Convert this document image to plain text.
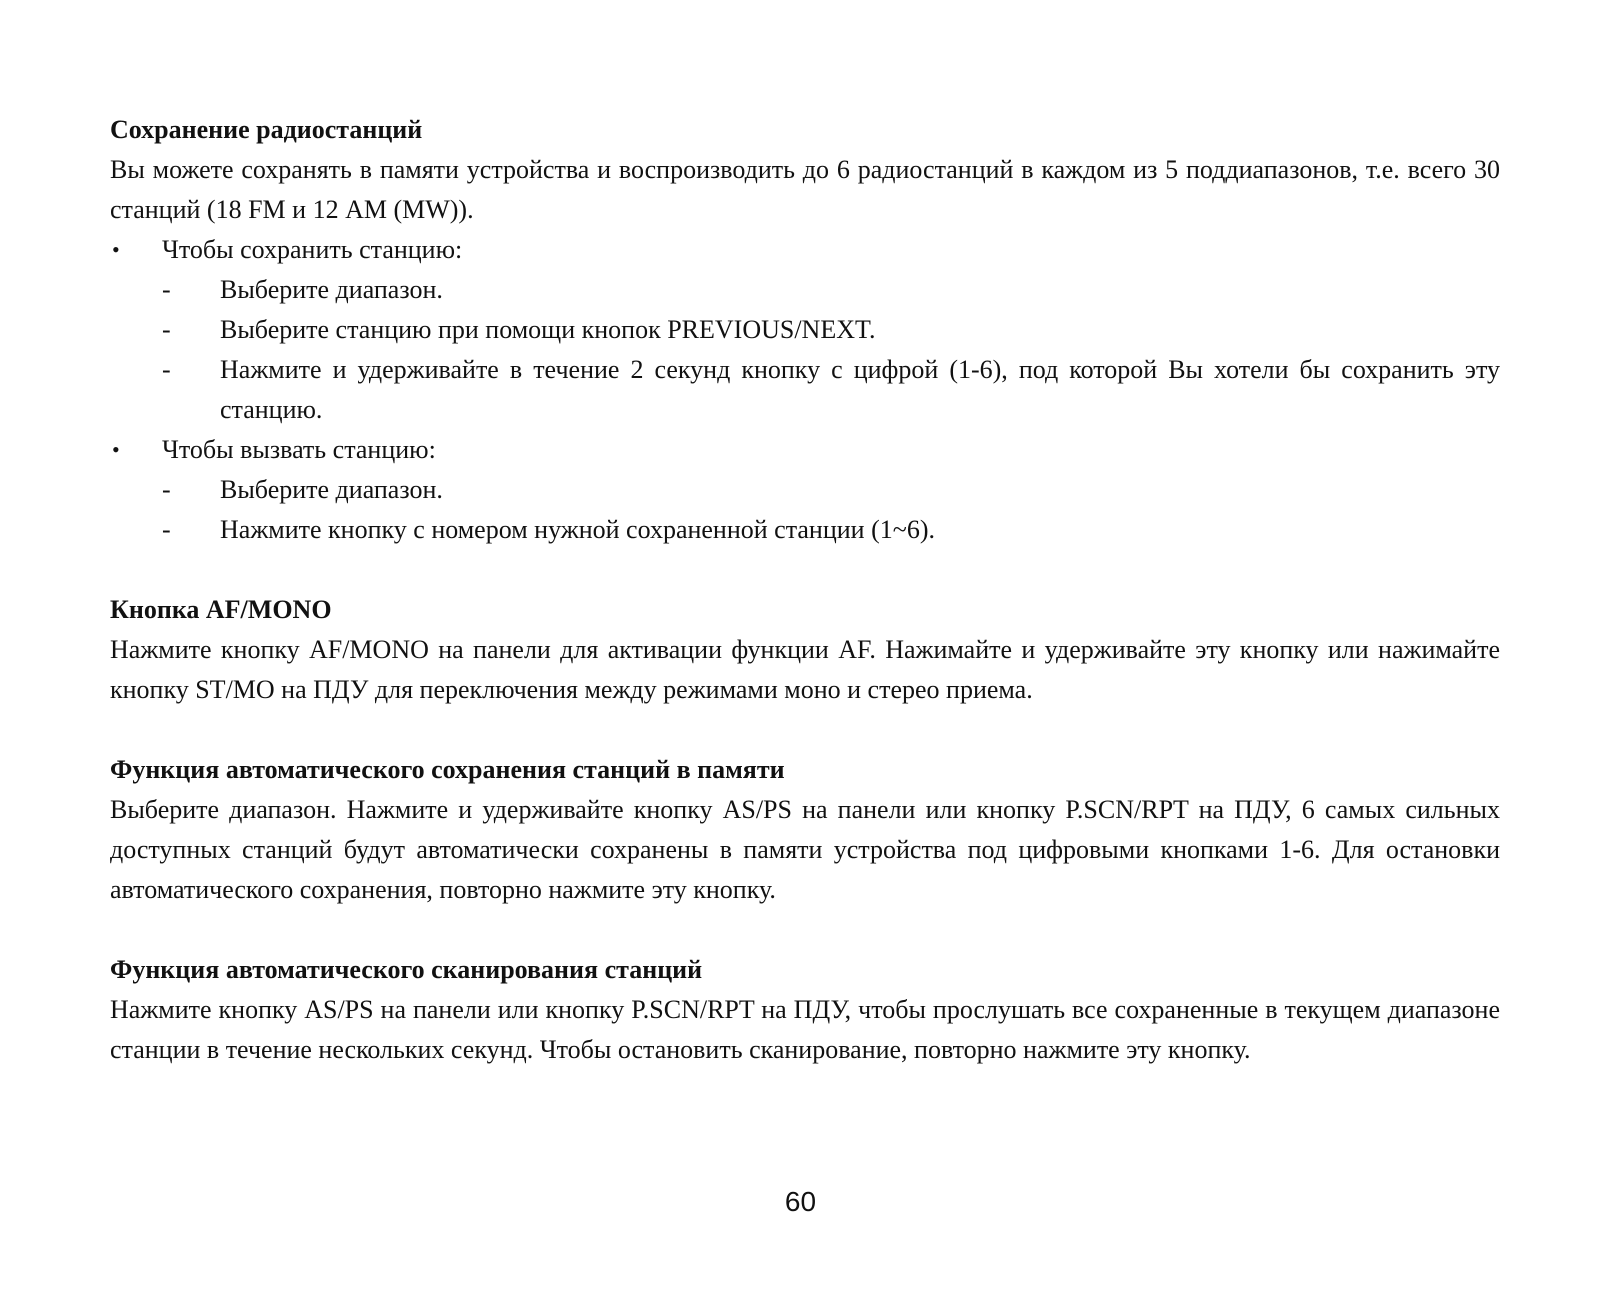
Сохранение радиостанций

Вы можете сохранять в памяти устройства и воспроизводить до 6 радиостанций в каждом из 5 поддиапазонов, т.е. всего 30 станций (18 FM и 12 AM (MW)).

• Чтобы сохранить станцию:
- Выберите диапазон.
- Выберите станцию при помощи кнопок PREVIOUS/NEXT.
- Нажмите и удерживайте в течение 2 секунд кнопку с цифрой (1-6), под которой Вы хотели бы сохранить эту станцию.
• Чтобы вызвать станцию:
- Выберите диапазон.
- Нажмите кнопку с номером нужной сохраненной станции (1~6).

Кнопка AF/MONO

Нажмите кнопку AF/MONO на панели для активации функции AF. Нажимайте и удерживайте эту кнопку или нажимайте кнопку ST/MO на ПДУ для переключения между режимами моно и стерео приема.

Функция автоматического сохранения станций в памяти

Выберите диапазон. Нажмите и удерживайте кнопку AS/PS на панели или кнопку P.SCN/RPT на ПДУ, 6 самых сильных доступных станций будут автоматически сохранены в памяти устройства под цифровыми кнопками 1-6. Для остановки автоматического сохранения, повторно нажмите эту кнопку.

Функция автоматического сканирования станций

Нажмите кнопку AS/PS на панели или кнопку P.SCN/RPT на ПДУ, чтобы прослушать все сохраненные в текущем диапазоне станции в течение нескольких секунд. Чтобы остановить сканирование, повторно нажмите эту кнопку.

60
